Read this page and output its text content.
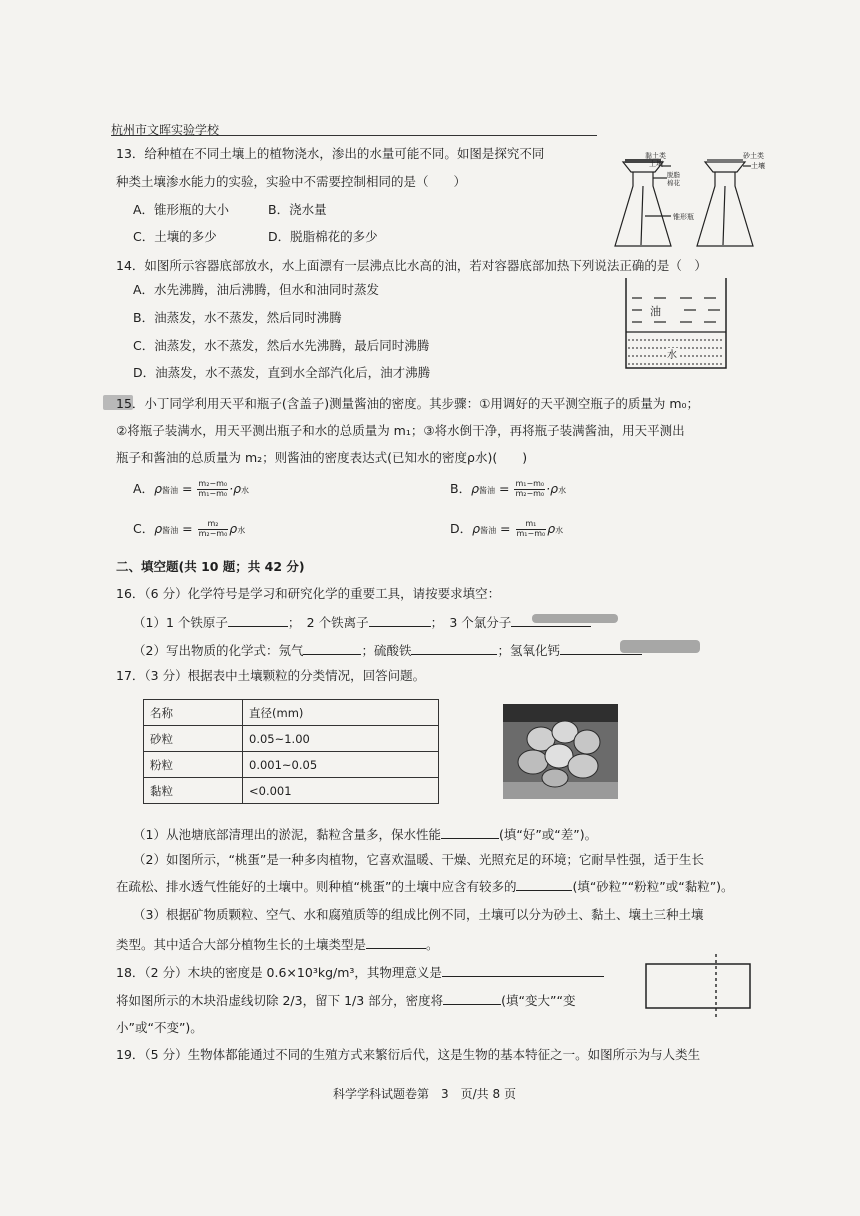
杭州市文晖实验学校
13．给种植在不同土壤上的植物浇水，渗出的水量可能不同。如图是探究不同
种类土壤渗水能力的实验，实验中不需要控制相同的是（　　）
A．锥形瓶的大小	B．浇水量
C．土壤的多少	D．脱脂棉花的多少
黏土类
土壤
脱脂
棉花
锥形瓶
砂土类
土壤
14．如图所示容器底部放水，水上面漂有一层沸点比水高的油，若对容器底部加热下列说法正确的是（　）
A．水先沸腾，油后沸腾，但水和油同时蒸发
B．油蒸发，水不蒸发，然后同时沸腾
C．油蒸发，水不蒸发，然后水先沸腾，最后同时沸腾
D．油蒸发，水不蒸发，直到水全部汽化后，油才沸腾
油
水
15．小丁同学利用天平和瓶子(含盖子)测量酱油的密度。其步骤：①用调好的天平测空瓶子的质量为 m₀；
②将瓶子装满水，用天平测出瓶子和水的总质量为 m₁；③将水倒干净，再将瓶子装满酱油，用天平测出
瓶子和酱油的总质量为 m₂；则酱油的密度表达式(已知水的密度ρ水)(　　)
A．ρ酱油 = $\frac{\text{m₂−m₀}}{\text{m₁−m₀}} \cdot\rho$水	B．ρ酱油 = $\frac{\text{m₁−m₀}}{\text{m₂−m₀}} \cdot\rho$水
C．ρ酱油 = $\frac{\text{m₂}}{\text{m₂−m₀}}$ ρ水	D．ρ酱油 = $\frac{\text{m₁}}{\text{m₁−m₀}}$ ρ水
二、填空题(共 10 题；共 42 分)
16．（6 分）化学符号是学习和研究化学的重要工具，请按要求填空：
（1）1 个铁原子	；　2 个铁离子	；　3 个氯分子
（2）写出物质的化学式：氖气	；硫酸铁	；氢氧化钙
17．（3 分）根据表中土壤颗粒的分类情况，回答问题。
名称	直径(mm)
砂粒	0.05~1.00
粉粒	0.001~0.05
黏粒	<0.001
（1）从池塘底部清理出的淤泥，黏粒含量多，保水性能	(填“好”或“差”)。
（2）如图所示，“桃蛋”是一种多肉植物，它喜欢温暖、干燥、光照充足的环境；它耐旱性强，适于生长
在疏松、排水透气性能好的土壤中。则种植“桃蛋”的土壤中应含有较多的	(填“砂粒”“粉粒”或“黏粒”)。
（3）根据矿物质颗粒、空气、水和腐殖质等的组成比例不同，土壤可以分为砂土、黏土、壤土三种土壤
类型。其中适合大部分植物生长的土壤类型是	。
18．（2 分）木块的密度是 0.6×10³kg/m³，其物理意义是
将如图所示的木块沿虚线切除 2/3，留下 1/3 部分，密度将	(填“变大”“变
小”或“不变”)。
19．（5 分）生物体都能通过不同的生殖方式来繁衍后代，这是生物的基本特征之一。如图所示为与人类生
科学学科试题卷第　3　页/共 8 页
